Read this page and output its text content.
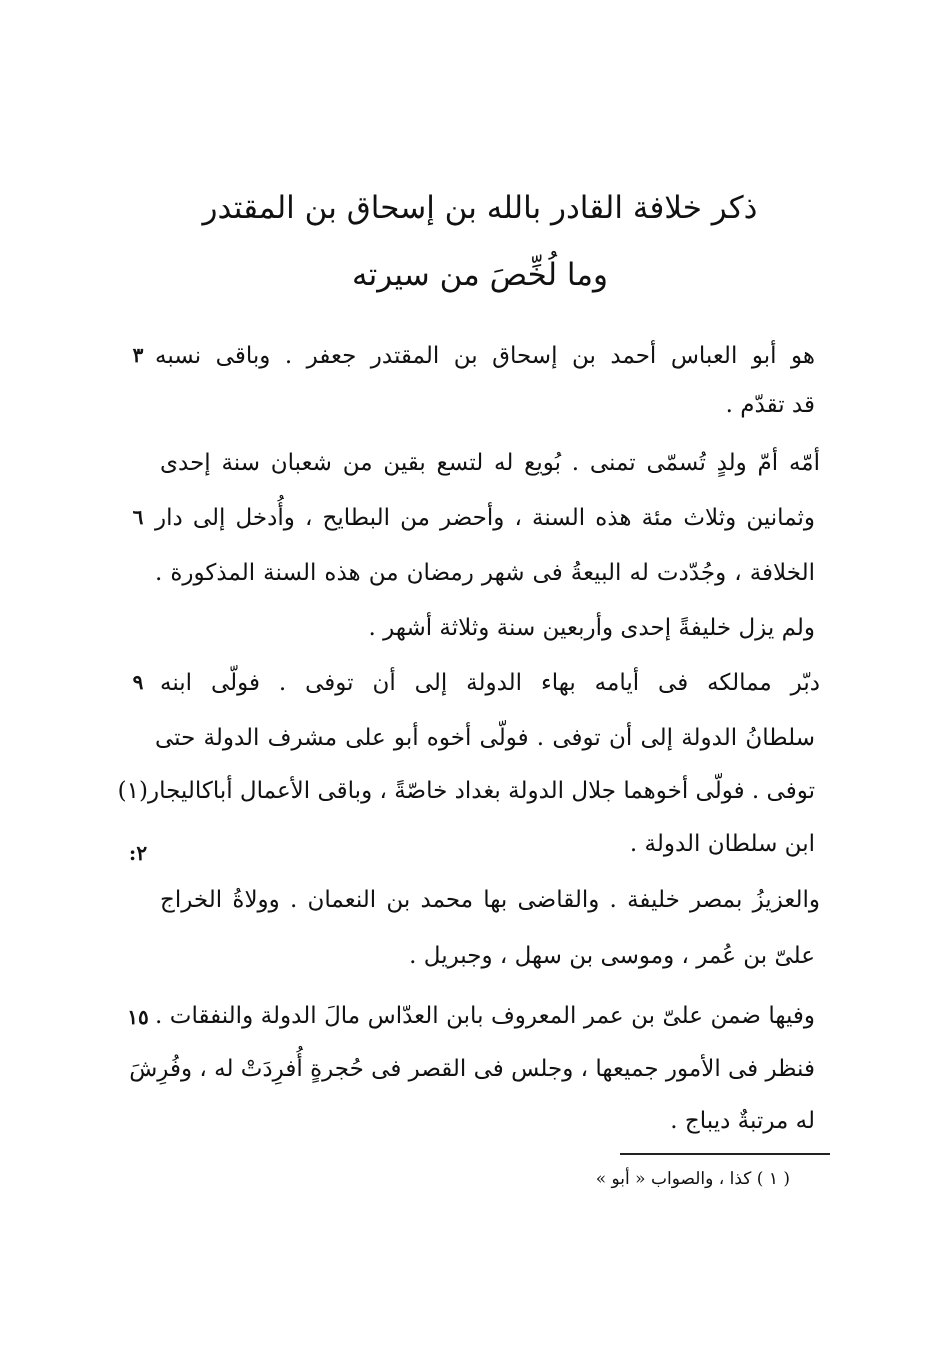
ذكر خلافة القادر بالله بن إسحاق بن المقتدر
وما لُخِّصَ من سيرته
هو أبو العباس أحمد بن إسحاق بن المقتدر جعفر . وباقى نسبه
قد تقدّم .
أمّه أمّ ولدٍ تُسمّى تمنى . بُويع له لتسع بقين من شعبان سنة إحدى
وثمانين وثلاث مئة هذه السنة ، وأحضر من البطايح ، وأُدخل إلى دار
الخلافة ، وجُدّدت له البيعةُ فى شهر رمضان من هذه السنة المذكورة .
ولم يزل خليفةً إحدى وأربعين سنة وثلاثة أشهر .
دبّر ممالكه فى أيامه بهاء الدولة إلى أن توفى . فولّى ابنه
سلطانُ الدولة إلى أن توفى . فولّى أخوه أبو على مشرف الدولة حتى
توفى . فولّى أخوهما جلال الدولة بغداد خاصّةً ، وباقى الأعمال أباكاليجار(١)
ابن سلطان الدولة .
والعزيزُ بمصر خليفة . والقاضى بها محمد بن النعمان . وولاةُ الخراج
علىّ بن عُمر ، وموسى بن سهل ، وجبريل .
وفيها ضمن علىّ بن عمر المعروف بابن العدّاس مالَ الدولة والنفقات .
فنظر فى الأمور جميعها ، وجلس فى القصر فى حُجرةٍ أُفرِدَتْ له ، وفُرِشَ
له مرتبةٌ ديباج .
٣
٦
٩
٢:
١٥
( ١ ) كذا ، والصواب « أبو »
